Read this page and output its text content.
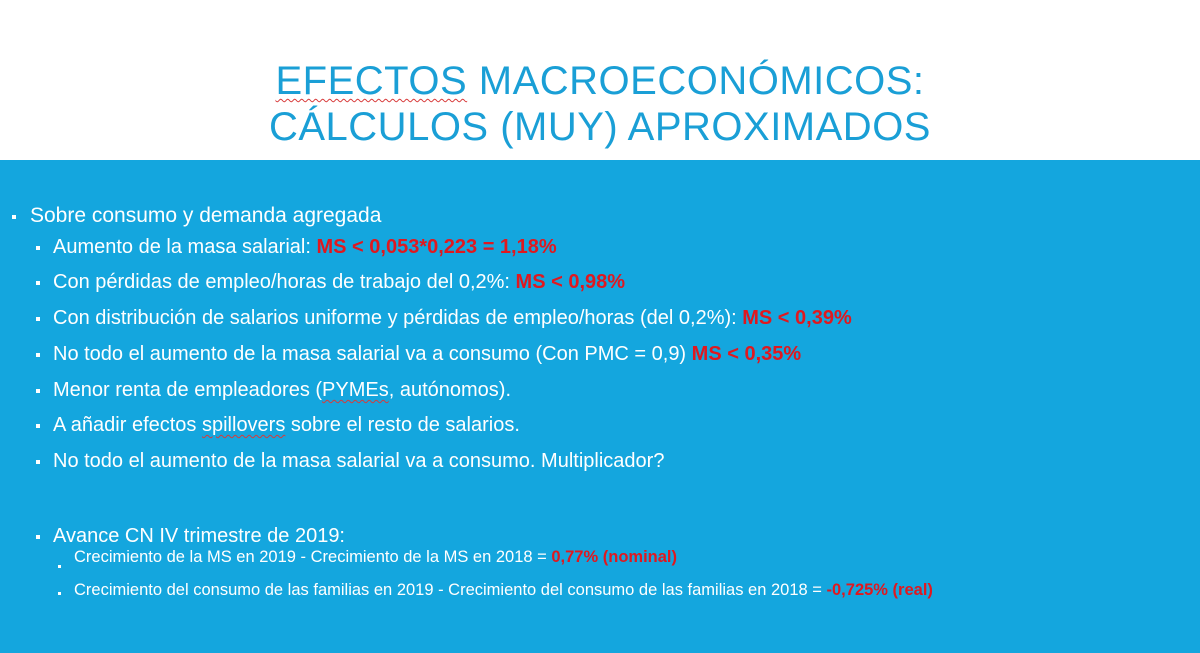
EFECTOS MACROECONÓMICOS:
CÁLCULOS (MUY) APROXIMADOS
Sobre consumo y demanda agregada
Aumento de la masa salarial: MS < 0,053*0,223 = 1,18%
Con pérdidas de empleo/horas de trabajo del 0,2%: MS < 0,98%
Con distribución de salarios uniforme y pérdidas de empleo/horas (del 0,2%): MS < 0,39%
No todo el aumento de la masa salarial va a consumo (Con PMC = 0,9) MS < 0,35%
Menor renta de empleadores (PYMEs, autónomos).
A añadir efectos spillovers sobre el resto de salarios.
No todo el aumento de la masa salarial va a consumo. Multiplicador?
Avance CN IV trimestre de 2019:
Crecimiento de la MS en 2019 - Crecimiento de la MS en 2018 = 0,77% (nominal)
Crecimiento del consumo de las familias en 2019 - Crecimiento del consumo de las familias en 2018 = -0,725% (real)
